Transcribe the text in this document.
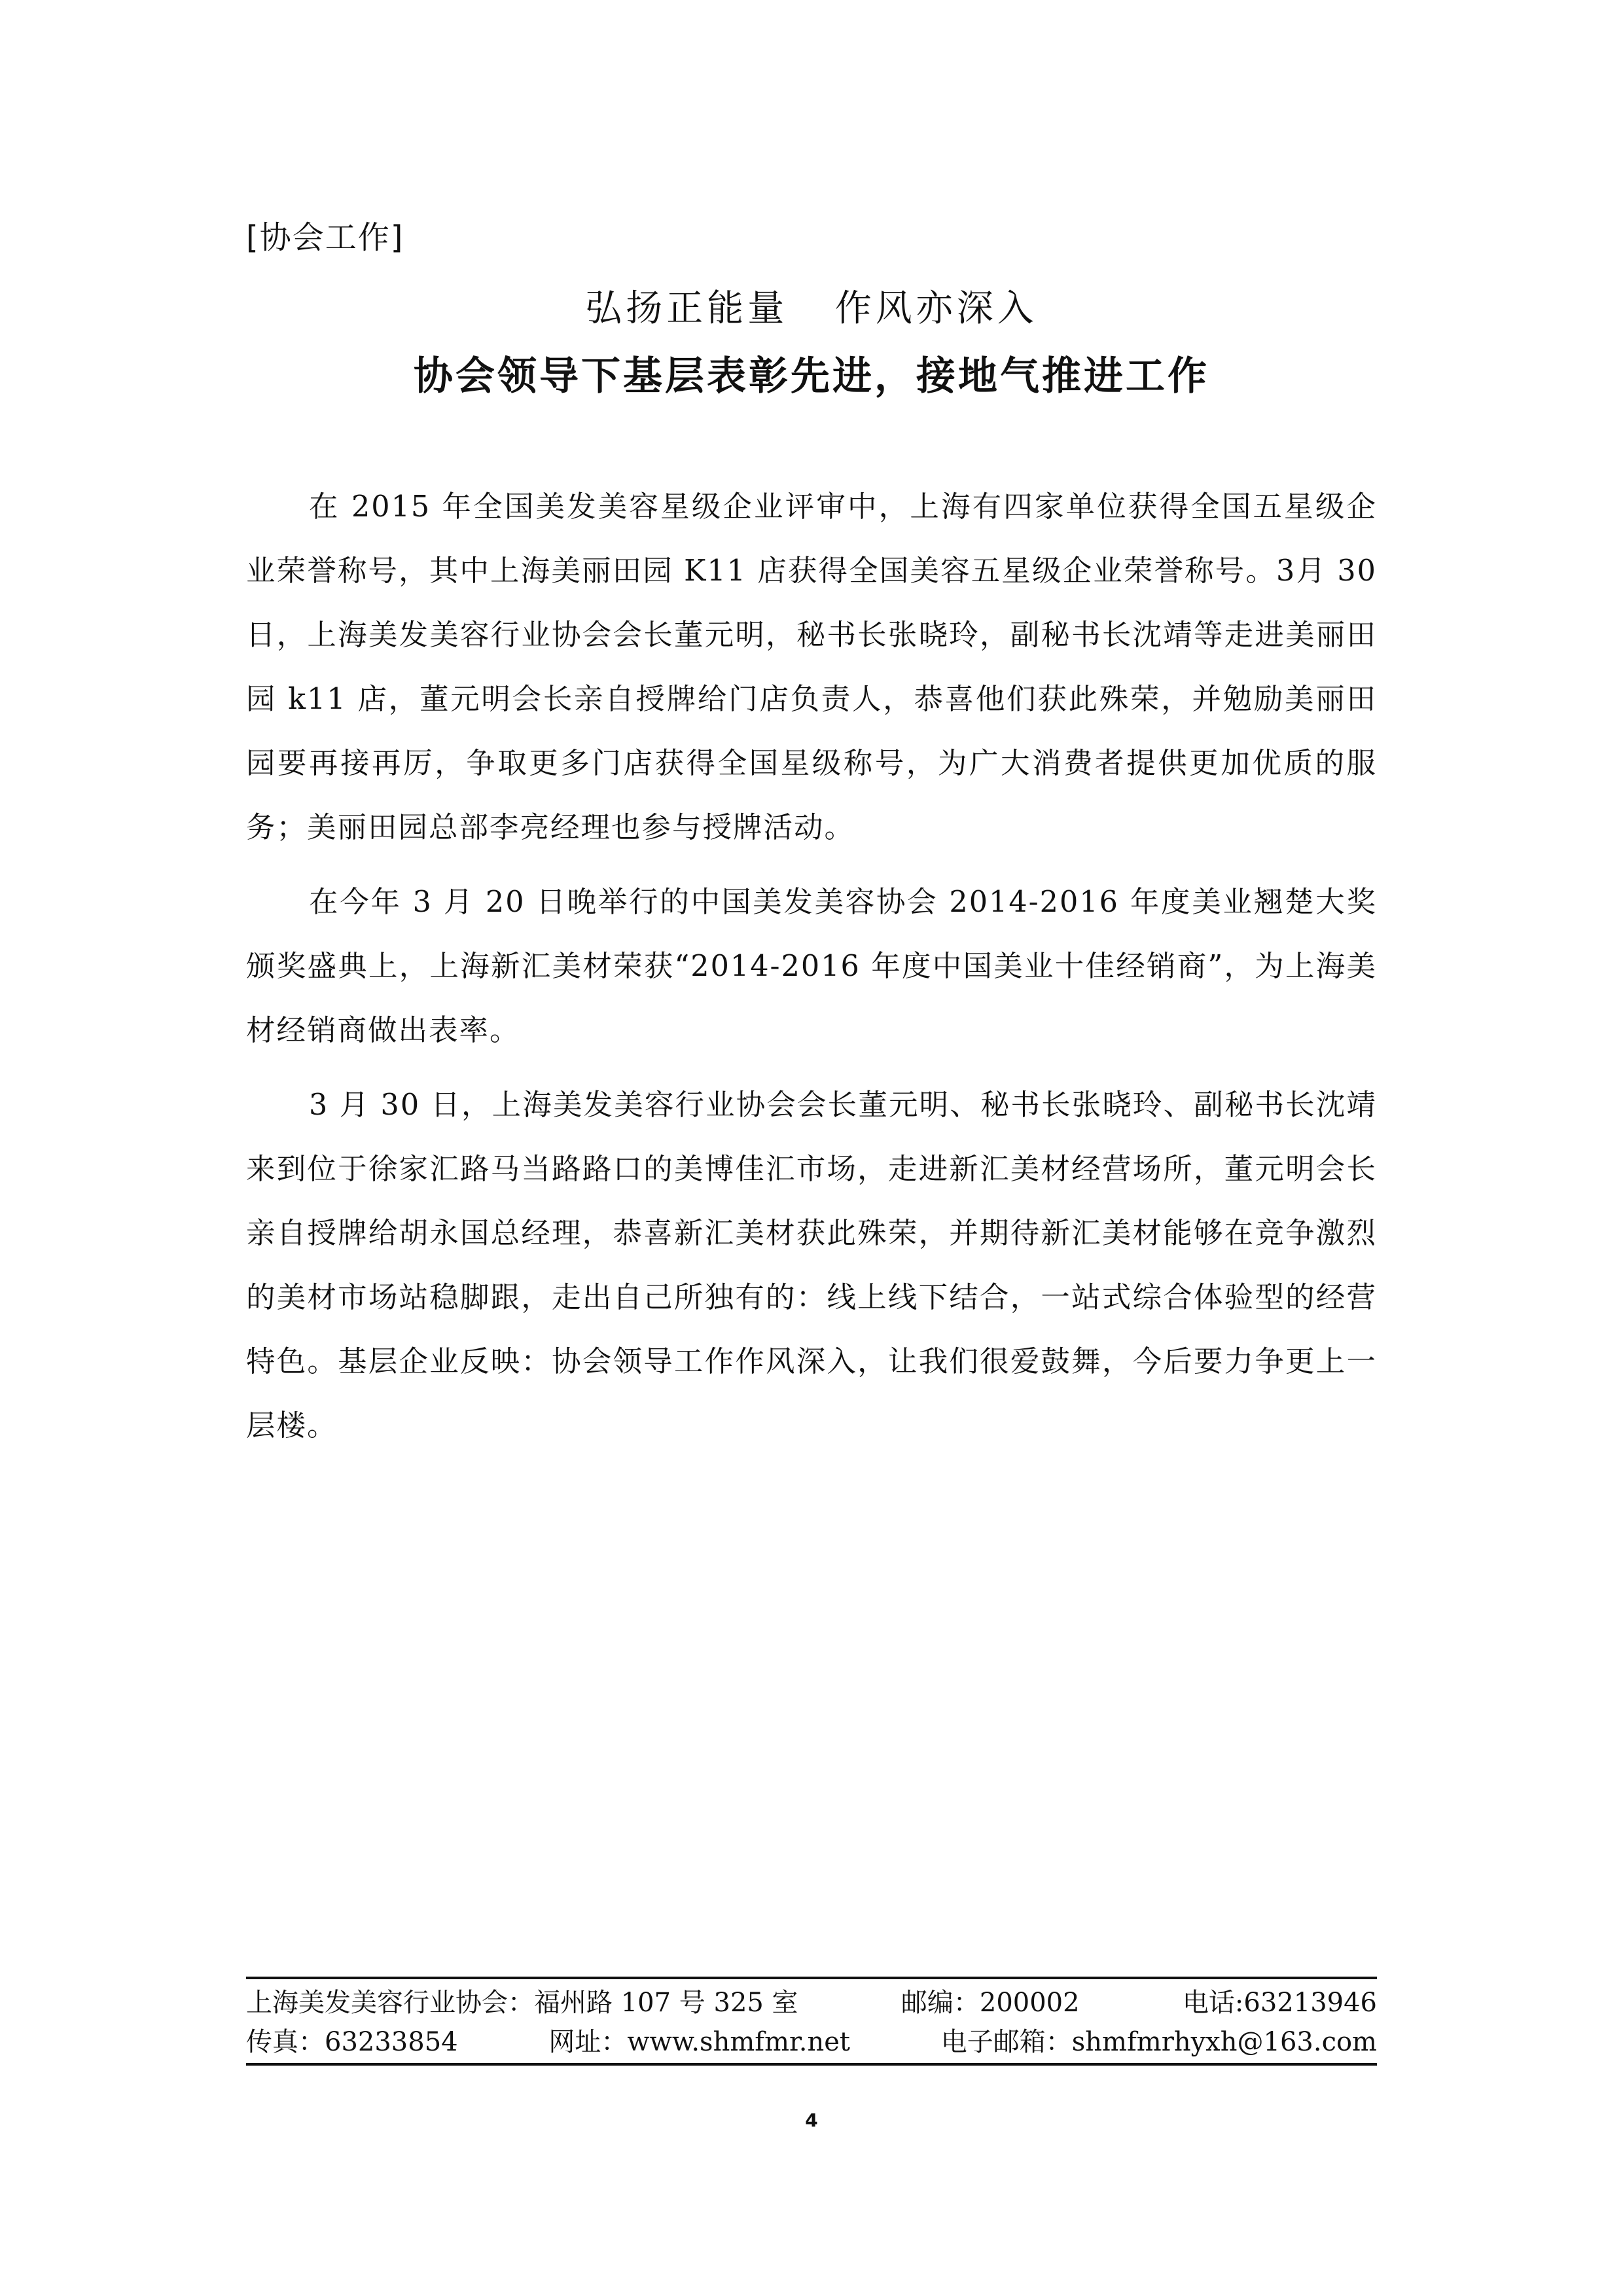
[协会工作]
弘扬正能量   作风亦深入
协会领导下基层表彰先进，接地气推进工作

在 2015 年全国美发美容星级企业评审中，上海有四家单位获得全国五星级企业荣誉称号，其中上海美丽田园 K11 店获得全国美容五星级企业荣誉称号。3月 30 日，上海美发美容行业协会会长董元明，秘书长张晓玲，副秘书长沈靖等走进美丽田园 k11 店，董元明会长亲自授牌给门店负责人，恭喜他们获此殊荣，并勉励美丽田园要再接再厉，争取更多门店获得全国星级称号，为广大消费者提供更加优质的服务；美丽田园总部李亮经理也参与授牌活动。

在今年 3 月 20 日晚举行的中国美发美容协会 2014-2016 年度美业翘楚大奖颁奖盛典上，上海新汇美材荣获“2014-2016 年度中国美业十佳经销商”，为上海美材经销商做出表率。

3 月 30 日，上海美发美容行业协会会长董元明、秘书长张晓玲、副秘书长沈靖来到位于徐家汇路马当路路口的美博佳汇市场，走进新汇美材经营场所，董元明会长亲自授牌给胡永国总经理，恭喜新汇美材获此殊荣，并期待新汇美材能够在竞争激烈的美材市场站稳脚跟，走出自己所独有的：线上线下结合，一站式综合体验型的经营特色。基层企业反映：协会领导工作作风深入，让我们很爱鼓舞，今后要力争更上一层楼。

上海美发美容行业协会：福州路 107 号 325 室	邮编：200002	电话:63213946
传真：63233854	网址：www.shmfmr.net	电子邮箱：shmfmrhyxh@163.com
4
